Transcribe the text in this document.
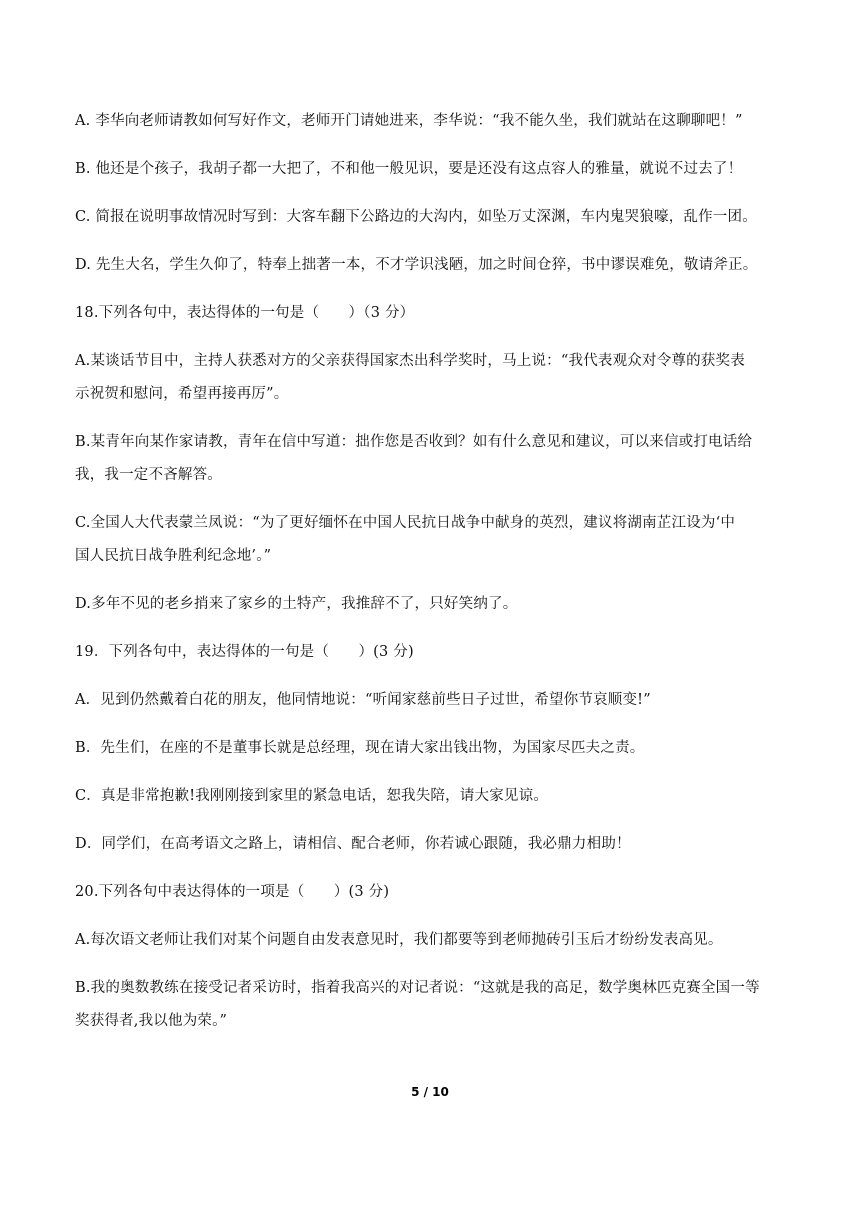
A. 李华向老师请教如何写好作文，老师开门请她进来，李华说：“我不能久坐，我们就站在这聊聊吧！”
B. 他还是个孩子，我胡子都一大把了，不和他一般见识，要是还没有这点容人的雅量，就说不过去了！
C. 简报在说明事故情况时写到：大客车翻下公路边的大沟内，如坠万丈深渊，车内鬼哭狼嚎，乱作一团。
D. 先生大名，学生久仰了，特奉上拙著一本，不才学识浅陋，加之时间仓猝，书中谬误难免，敬请斧正。
18.下列各句中，表达得体的一句是（　　）（3 分）
A.某谈话节目中，主持人获悉对方的父亲获得国家杰出科学奖时，马上说：“我代表观众对令尊的获奖表
示祝贺和慰问，希望再接再厉”。
B.某青年向某作家请教，青年在信中写道：拙作您是否收到？如有什么意见和建议，可以来信或打电话给
我，我一定不吝解答。
C.全国人大代表蒙兰凤说：“为了更好缅怀在中国人民抗日战争中献身的英烈，建议将湖南芷江设为‘中
国人民抗日战争胜利纪念地’。”
D.多年不见的老乡捎来了家乡的土特产，我推辞不了，只好笑纳了。
19．下列各句中，表达得体的一句是（　　）(3 分)
A．见到仍然戴着白花的朋友，他同情地说：“听闻家慈前些日子过世，希望你节哀顺变!”
B．先生们，在座的不是董事长就是总经理，现在请大家出钱出物，为国家尽匹夫之责。
C．真是非常抱歉!我刚刚接到家里的紧急电话，恕我失陪，请大家见谅。
D．同学们，在高考语文之路上，请相信、配合老师，你若诚心跟随，我必鼎力相助！
20.下列各句中表达得体的一项是（　　）(3 分)
A.每次语文老师让我们对某个问题自由发表意见时，我们都要等到老师抛砖引玉后才纷纷发表高见。
B.我的奥数教练在接受记者采访时，指着我高兴的对记者说：“这就是我的高足，数学奥林匹克赛全国一等
奖获得者,我以他为荣。”
5 / 10
